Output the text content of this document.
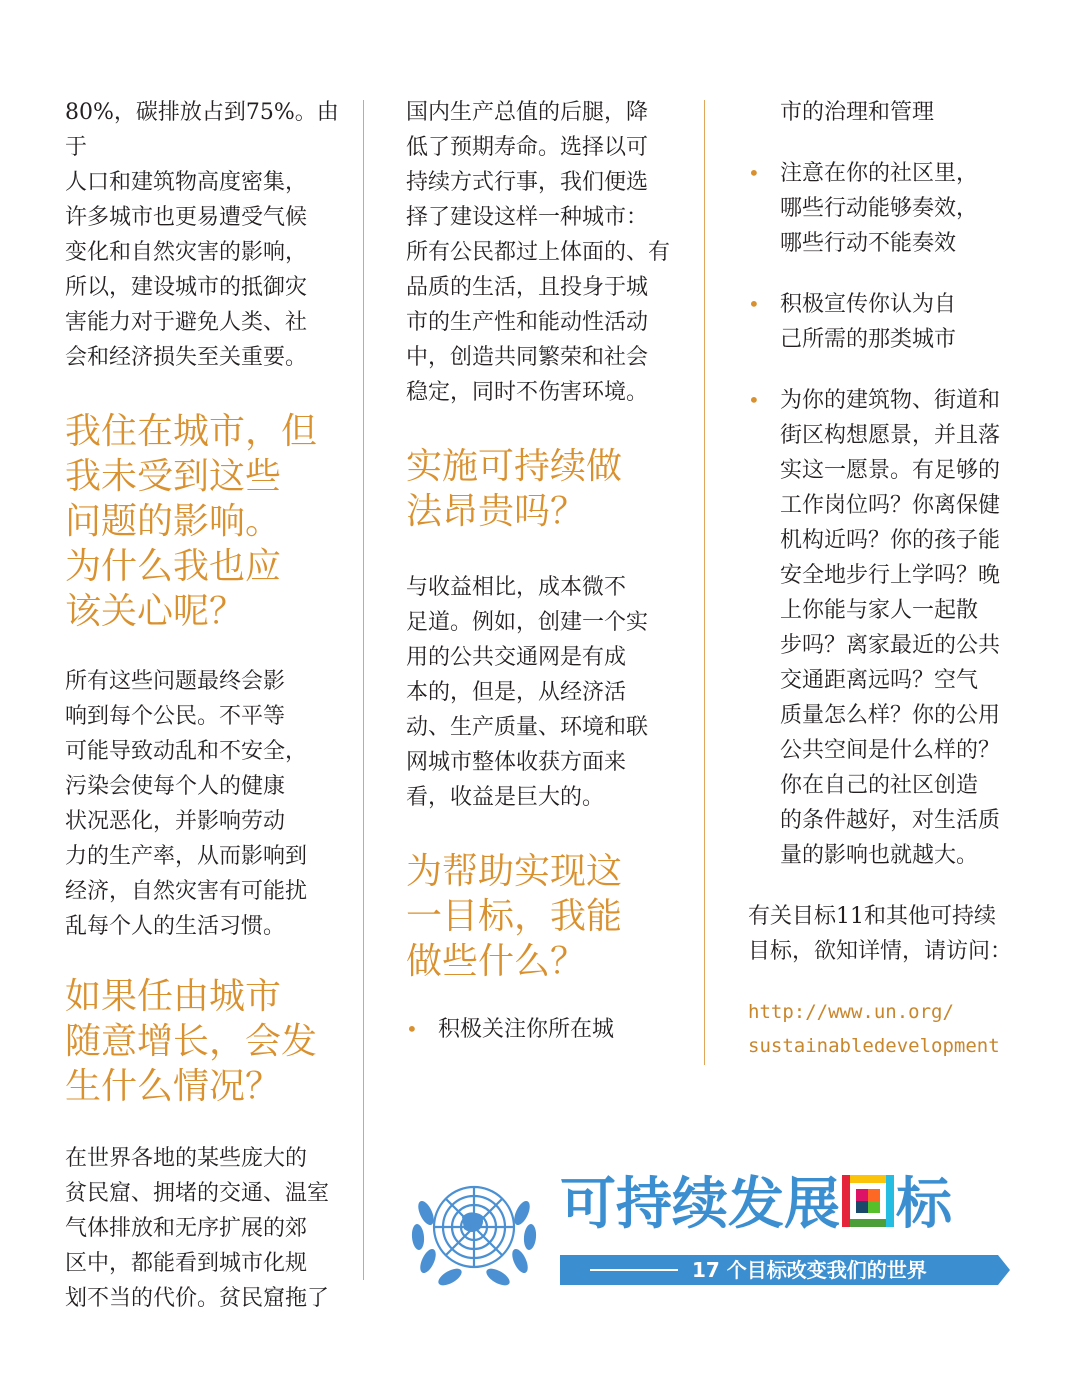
80%，碳排放占到75%。由于
人口和建筑物高度密集，
许多城市也更易遭受气候
变化和自然灾害的影响，
所以，建设城市的抵御灾
害能力对于避免人类、社
会和经济损失至关重要。
我住在城市，但
我未受到这些
问题的影响。
为什么我也应
该关心呢？
所有这些问题最终会影
响到每个公民。不平等
可能导致动乱和不安全，
污染会使每个人的健康
状况恶化，并影响劳动
力的生产率，从而影响到
经济，自然灾害有可能扰
乱每个人的生活习惯。
如果任由城市
随意增长，会发
生什么情况？
在世界各地的某些庞大的
贫民窟、拥堵的交通、温室
气体排放和无序扩展的郊
区中，都能看到城市化规
划不当的代价。贫民窟拖了
国内生产总值的后腿，降
低了预期寿命。选择以可
持续方式行事，我们便选
择了建设这样一种城市：
所有公民都过上体面的、有
品质的生活，且投身于城
市的生产性和能动性活动
中，创造共同繁荣和社会
稳定，同时不伤害环境。
实施可持续做
法昂贵吗？
与收益相比，成本微不
足道。例如，创建一个实
用的公共交通网是有成
本的，但是，从经济活
动、生产质量、环境和联
网城市整体收获方面来
看，收益是巨大的。
为帮助实现这
一目标，我能
做些什么？
• 积极关注你所在城
市的治理和管理
• 注意在你的社区里，
哪些行动能够奏效，
哪些行动不能奏效
• 积极宣传你认为自
己所需的那类城市
• 为你的建筑物、街道和
街区构想愿景，并且落
实这一愿景。有足够的
工作岗位吗？你离保健
机构近吗？你的孩子能
安全地步行上学吗？晚
上你能与家人一起散
步吗？离家最近的公共
交通距离远吗？空气
质量怎么样？你的公用
公共空间是什么样的？
你在自己的社区创造
的条件越好，对生活质
量的影响也就越大。
有关目标11和其他可持续
目标，欲知详情，请访问：
http://www.un.org/
sustainabledevelopment
可持续发展 标
17 个目标改变我们的世界
